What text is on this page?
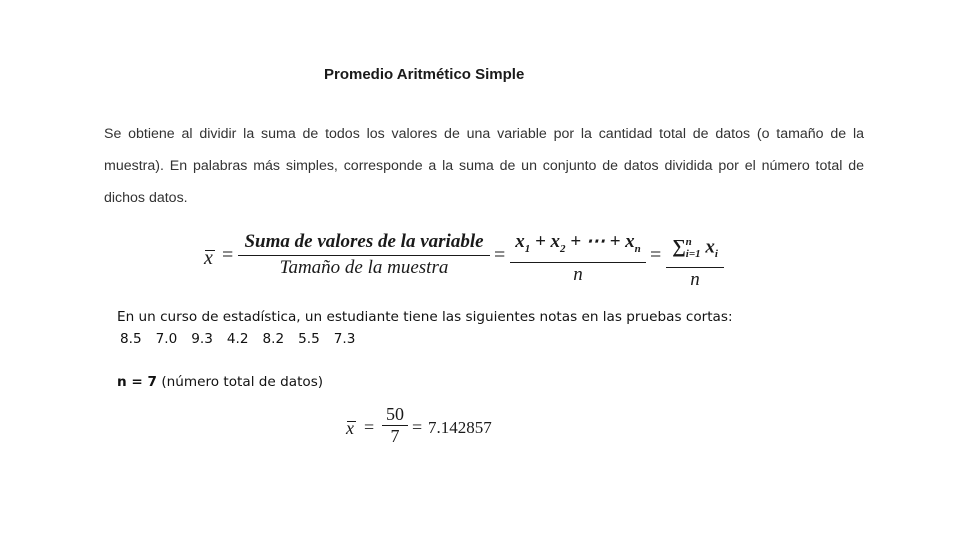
Promedio Aritmético Simple
Se obtiene al dividir la suma de todos los valores de una variable por la cantidad total de datos (o tamaño de la muestra). En palabras más simples, corresponde a la suma de un conjunto de datos dividida por el número total de dichos datos.
x =
Suma de valores de la variable
Tamaño de la muestra
=
$x_1 + x_2$ + ⋯ + $x_n$
n
= ∑$^n_{i=1}$ $x_i$
n
En un curso de estadística, un estudiante tiene las siguientes notas en las pruebas cortas:
8.5 7.0 9.3 4.2 8.2 5.5 7.3
n = 7 (número total de datos)
x =
50
7 = 7.142857
